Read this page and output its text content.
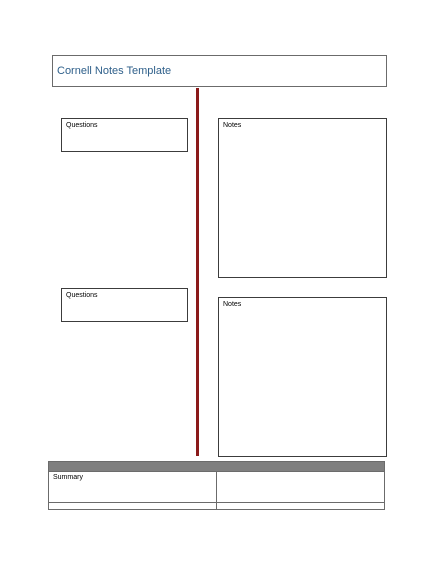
Cornell Notes Template
Questions
Questions
Notes
Notes
Summary
